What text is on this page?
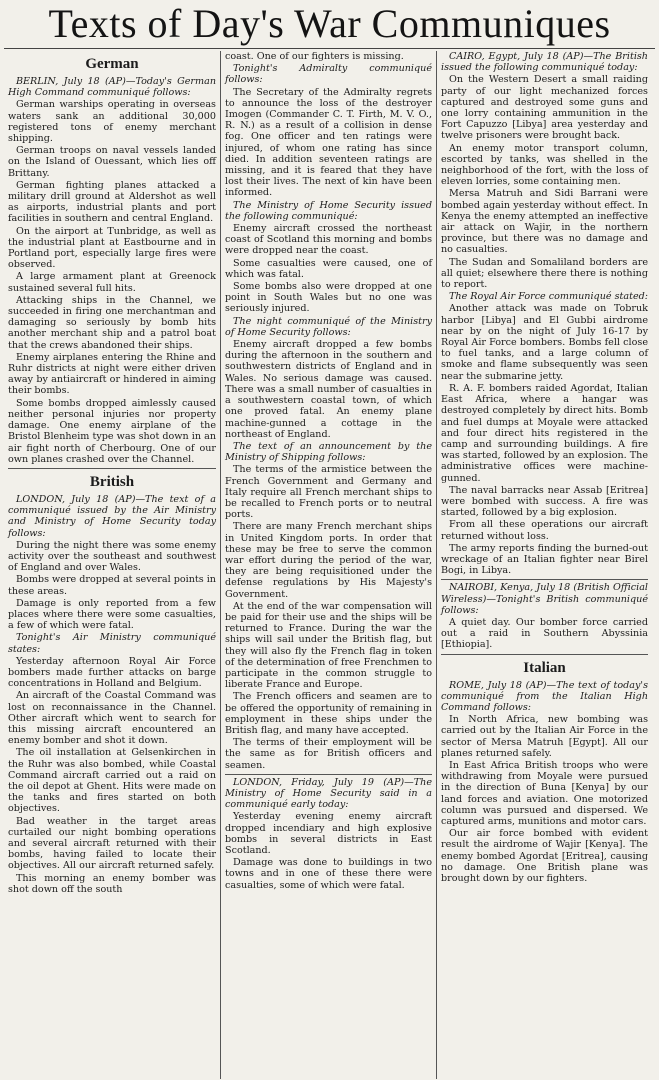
Texts of Day's War Communiques
German

BERLIN, July 18 (AP)—Today's German High Command communiqué follows:

German warships operating in overseas waters sank an additional 30,000 registered tons of enemy merchant shipping.

German troops on naval vessels landed on the Island of Ouessant, which lies off Brittany.

German fighting planes attacked a military drill ground at Aldershot as well as airports, industrial plants and port facilities in southern and central England.

On the airport at Tunbridge, as well as the industrial plant at Eastbourne and in Portland port, especially large fires were observed.

A large armament plant at Greenock sustained several full hits.

Attacking ships in the Channel, we succeeded in firing one merchantman and damaging so seriously by bomb hits another merchant ship and a patrol boat that the crews abandoned their ships.

Enemy airplanes entering the Rhine and Ruhr districts at night were either driven away by antiaircraft or hindered in aiming their bombs.

Some bombs dropped aimlessly caused neither personal injuries nor property damage. One enemy airplane of the Bristol Blenheim type was shot down in an air fight north of Cherbourg. One of our own planes crashed over the Channel.

British

LONDON, July 18 (AP)—The text of a communiqué issued by the Air Ministry and Ministry of Home Security today follows:

During the night there was some enemy activity over the southeast and southwest of England and over Wales.

Bombs were dropped at several points in these areas.

Damage is only reported from a few places where there were some casualties, a few of which were fatal.

Tonight's Air Ministry communiqué states:

Yesterday afternoon Royal Air Force bombers made further attacks on barge concentrations in Holland and Belgium.

An aircraft of the Coastal Command was lost on reconnaissance in the Channel. Other aircraft which went to search for this missing aircraft encountered an enemy bomber and shot it down.

The oil installation at Gelsenkirchen in the Ruhr was also bombed, while Coastal Command aircraft carried out a raid on the oil depot at Ghent. Hits were made on the tanks and fires started on both objectives.

Bad weather in the target areas curtailed our night bombing operations and several aircraft returned with their bombs, having failed to locate their objectives. All our aircraft returned safely.

This morning an enemy bomber was shot down off the south

coast. One of our fighters is missing.

Tonight's Admiralty communiqué follows:

The Secretary of the Admiralty regrets to announce the loss of the destroyer Imogen (Commander C. T. Firth, M. V. O., R. N.) as a result of a collision in dense fog. One officer and ten ratings were injured, of whom one rating has since died. In addition seventeen ratings are missing, and it is feared that they have lost their lives. The next of kin have been informed.

The Ministry of Home Security issued the following communiqué:

Enemy aircraft crossed the northeast coast of Scotland this morning and bombs were dropped near the coast.

Some casualties were caused, one of which was fatal.

Some bombs also were dropped at one point in South Wales but no one was seriously injured.

The night communiqué of the Ministry of Home Security follows:

Enemy aircraft dropped a few bombs during the afternoon in the southern and southwestern districts of England and in Wales. No serious damage was caused. There was a small number of casualties in a southwestern coastal town, of which one proved fatal. An enemy plane machine-gunned a cottage in the northeast of England.

The text of an announcement by the Ministry of Shipping follows:

The terms of the armistice between the French Government and Germany and Italy require all French merchant ships to be recalled to French ports or to neutral ports.

There are many French merchant ships in United Kingdom ports. In order that these may be free to serve the common war effort during the period of the war, they are being requisitioned under the defense regulations by His Majesty's Government.

At the end of the war compensation will be paid for their use and the ships will be returned to France. During the war the ships will sail under the British flag, but they will also fly the French flag in token of the determination of free Frenchmen to participate in the common struggle to liberate France and Europe.

The French officers and seamen are to be offered the opportunity of remaining in employment in these ships under the British flag, and many have accepted.

The terms of their employment will be the same as for British officers and seamen.

LONDON, Friday, July 19 (AP)—The Ministry of Home Security said in a communiqué early today:

Yesterday evening enemy aircraft dropped incendiary and high explosive bombs in several districts in East Scotland.

Damage was done to buildings in two towns and in one of these there were casualties, some of which were fatal.

CAIRO, Egypt, July 18 (AP)—The British issued the following communiqué today:

On the Western Desert a small raiding party of our light mechanized forces captured and destroyed some guns and one lorry containing ammunition in the Fort Capuzzo [Libya] area yesterday and twelve prisoners were brought back.

An enemy motor transport column, escorted by tanks, was shelled in the neighborhood of the fort, with the loss of eleven lorries, some containing men.

Mersa Matruh and Sidi Barrani were bombed again yesterday without effect. In Kenya the enemy attempted an ineffective air attack on Wajir, in the northern province, but there was no damage and no casualties.

The Sudan and Somaliland borders are all quiet; elsewhere there there is nothing to report.

The Royal Air Force communiqué stated:

Another attack was made on Tobruk harbor [Libya] and El Gubbi airdrome near by on the night of July 16-17 by Royal Air Force bombers. Bombs fell close to fuel tanks, and a large column of smoke and flame subsequently was seen near the submarine jetty.

R. A. F. bombers raided Agordat, Italian East Africa, where a hangar was destroyed completely by direct hits. Bomb and fuel dumps at Moyale were attacked and four direct hits registered in the camp and surrounding buildings. A fire was started, followed by an explosion. The administrative offices were machine-gunned.

The naval barracks near Assab [Eritrea] were bombed with success. A fire was started, followed by a big explosion.

From all these operations our aircraft returned without loss.

The army reports finding the burned-out wreckage of an Italian fighter near Birel Bogi, in Libya.

NAIROBI, Kenya, July 18 (British Official Wireless)—Tonight's British communiqué follows:

A quiet day. Our bomber force carried out a raid in Southern Abyssinia [Ethiopia].

Italian

ROME, July 18 (AP)—The text of today's communiqué from the Italian High Command follows:

In North Africa, new bombing was carried out by the Italian Air Force in the sector of Mersa Matruh [Egypt]. All our planes returned safely.

In East Africa British troops who were withdrawing from Moyale were pursued in the direction of Buna [Kenya] by our land forces and aviation. One motorized column was pursued and dispersed. We captured arms, munitions and motor cars.

Our air force bombed with evident result the airdrome of Wajir [Kenya]. The enemy bombed Agordat [Eritrea], causing no damage. One British plane was brought down by our fighters.
